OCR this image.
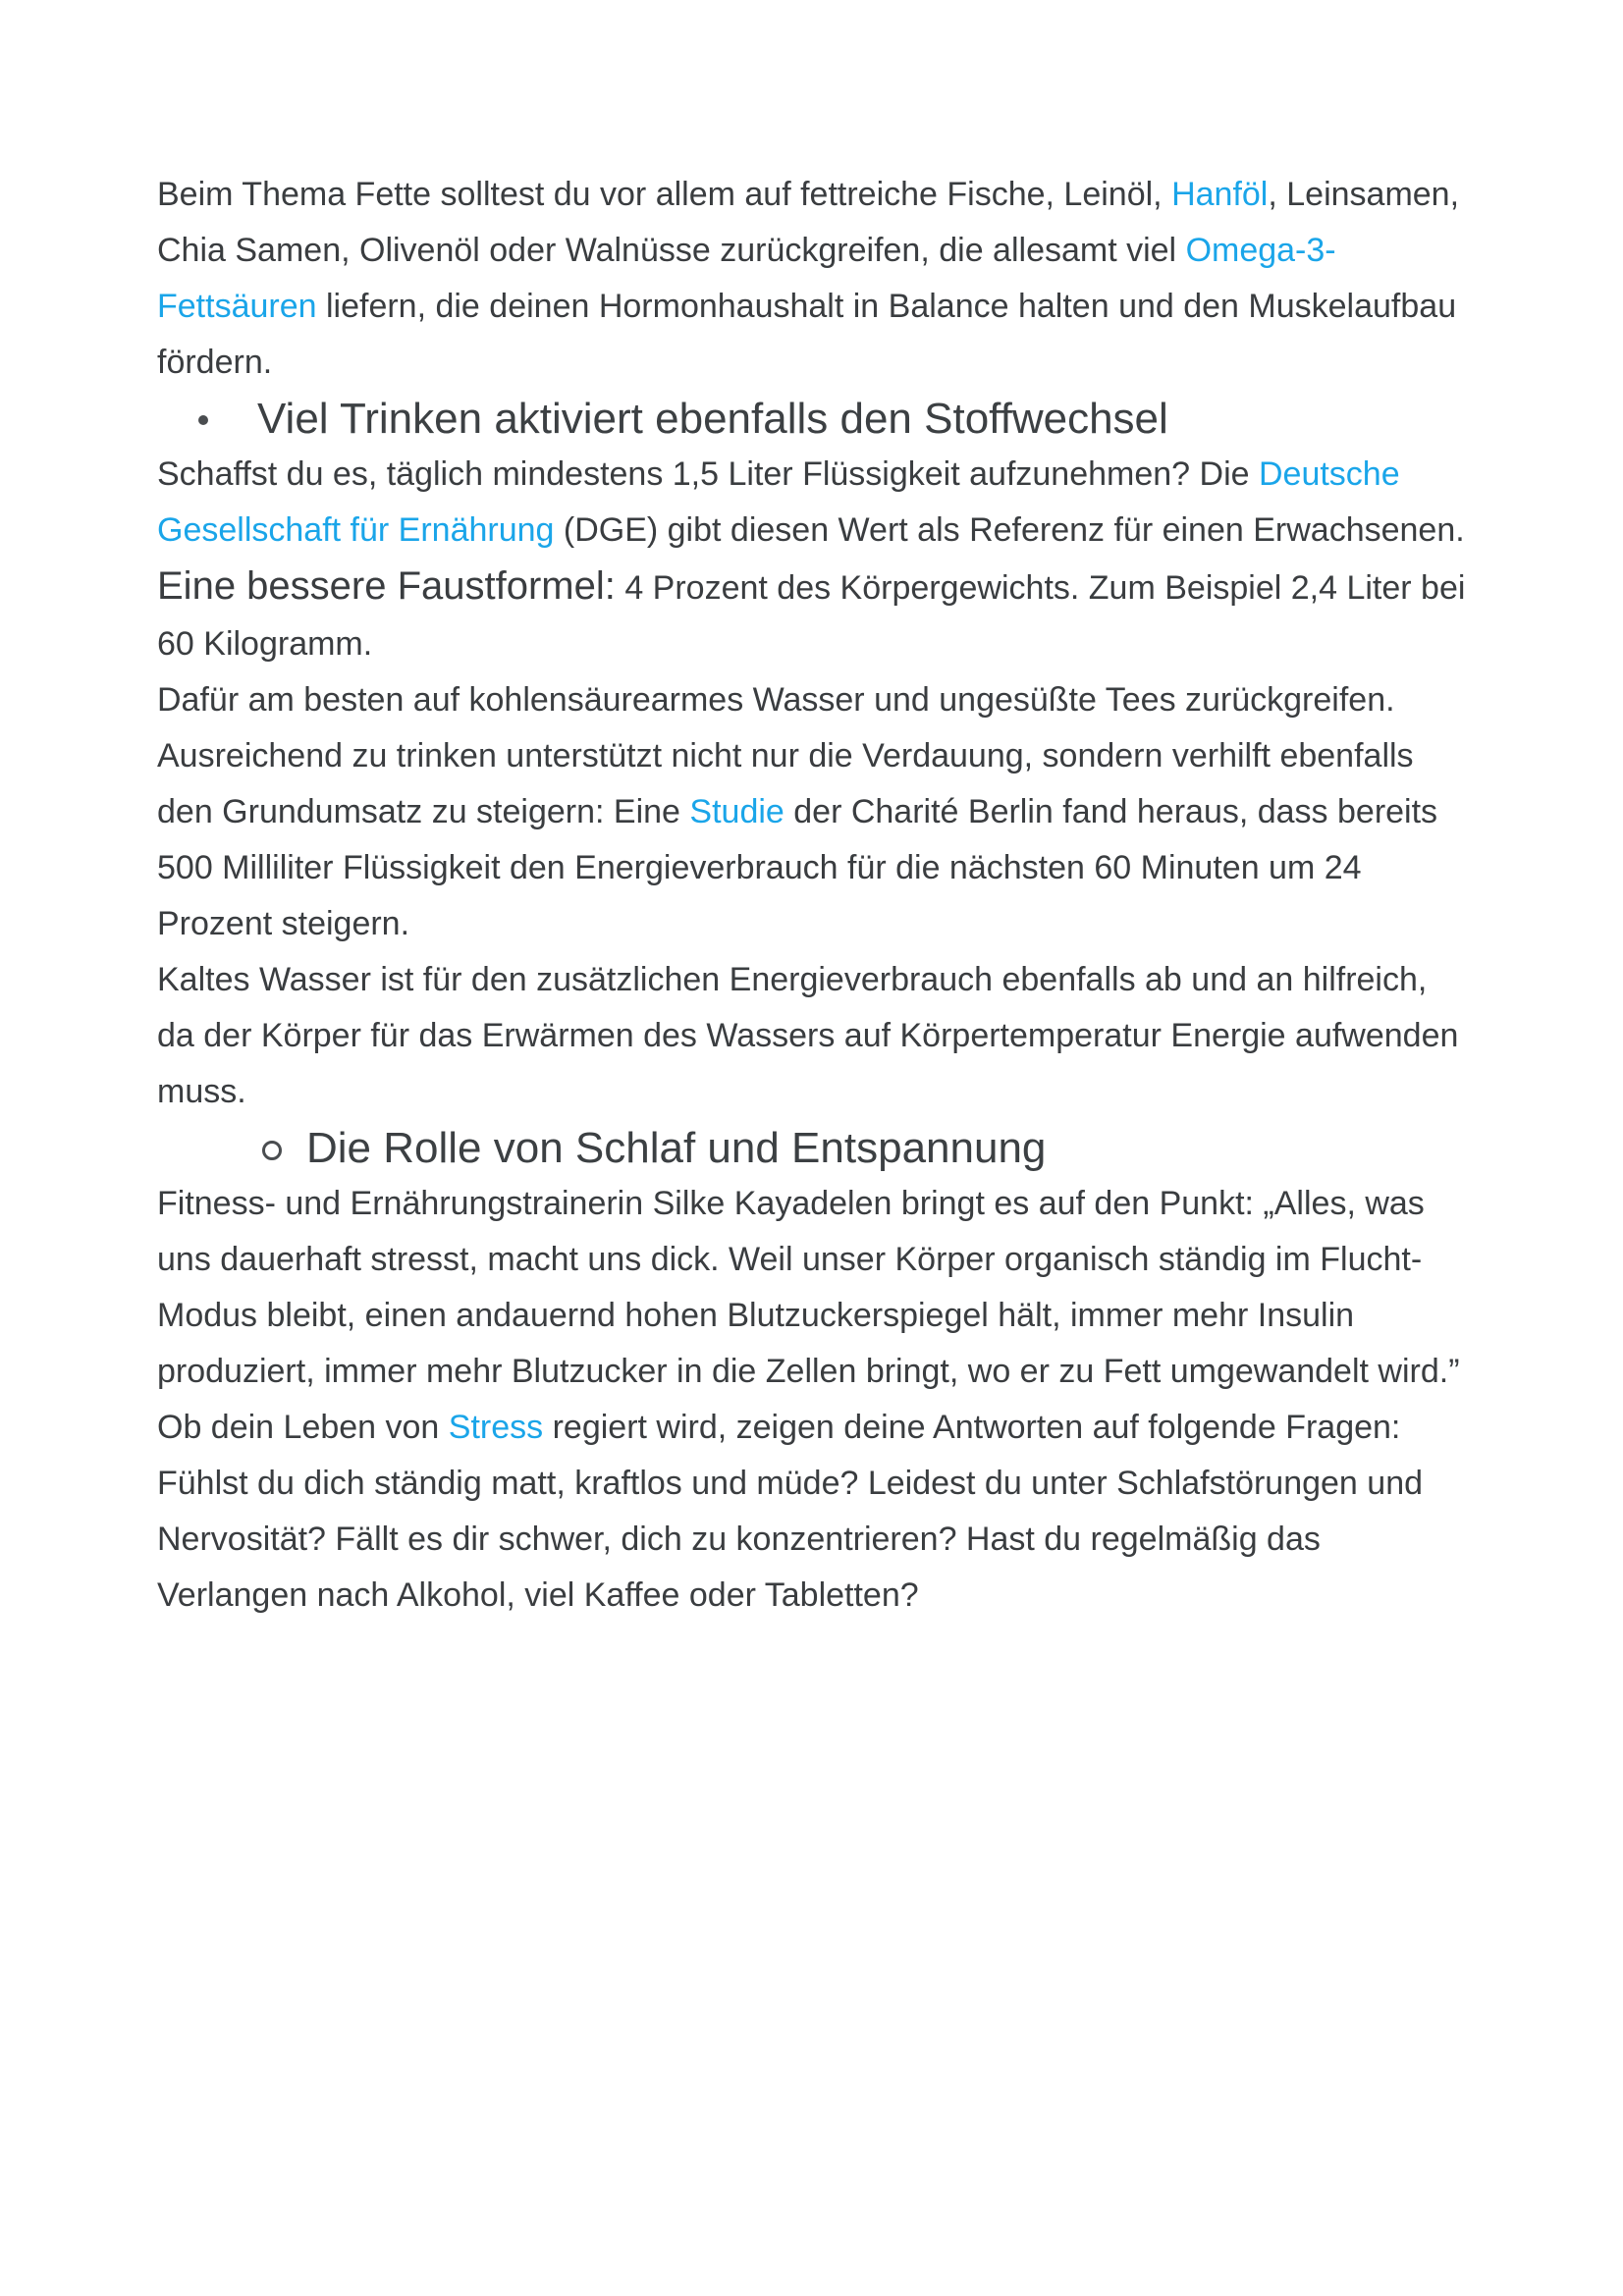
Beim Thema Fette solltest du vor allem auf fettreiche Fische, Leinöl, Hanföl, Leinsamen, Chia Samen, Olivenöl oder Walnüsse zurückgreifen, die allesamt viel Omega-3-Fettsäuren liefern, die deinen Hormonhaushalt in Balance halten und den Muskelaufbau fördern.

Viel Trinken aktiviert ebenfalls den Stoffwechsel

Schaffst du es, täglich mindestens 1,5 Liter Flüssigkeit aufzunehmen? Die Deutsche Gesellschaft für Ernährung (DGE) gibt diesen Wert als Referenz für einen Erwachsenen.

Eine bessere Faustformel: 4 Prozent des Körpergewichts. Zum Beispiel 2,4 Liter bei 60 Kilogramm.

Dafür am besten auf kohlensäurearmes Wasser und ungesüßte Tees zurückgreifen.

Ausreichend zu trinken unterstützt nicht nur die Verdauung, sondern verhilft ebenfalls den Grundumsatz zu steigern: Eine Studie der Charité Berlin fand heraus, dass bereits 500 Milliliter Flüssigkeit den Energieverbrauch für die nächsten 60 Minuten um 24 Prozent steigern.

Kaltes Wasser ist für den zusätzlichen Energieverbrauch ebenfalls ab und an hilfreich, da der Körper für das Erwärmen des Wassers auf Körpertemperatur Energie aufwenden muss.

Die Rolle von Schlaf und Entspannung

Fitness- und Ernährungstrainerin Silke Kayadelen bringt es auf den Punkt: „Alles, was uns dauerhaft stresst, macht uns dick. Weil unser Körper organisch ständig im Flucht-Modus bleibt, einen andauernd hohen Blutzuckerspiegel hält, immer mehr Insulin produziert, immer mehr Blutzucker in die Zellen bringt, wo er zu Fett umgewandelt wird.”

Ob dein Leben von Stress regiert wird, zeigen deine Antworten auf folgende Fragen: Fühlst du dich ständig matt, kraftlos und müde? Leidest du unter Schlafstörungen und Nervosität? Fällt es dir schwer, dich zu konzentrieren? Hast du regelmäßig das Verlangen nach Alkohol, viel Kaffee oder Tabletten?
